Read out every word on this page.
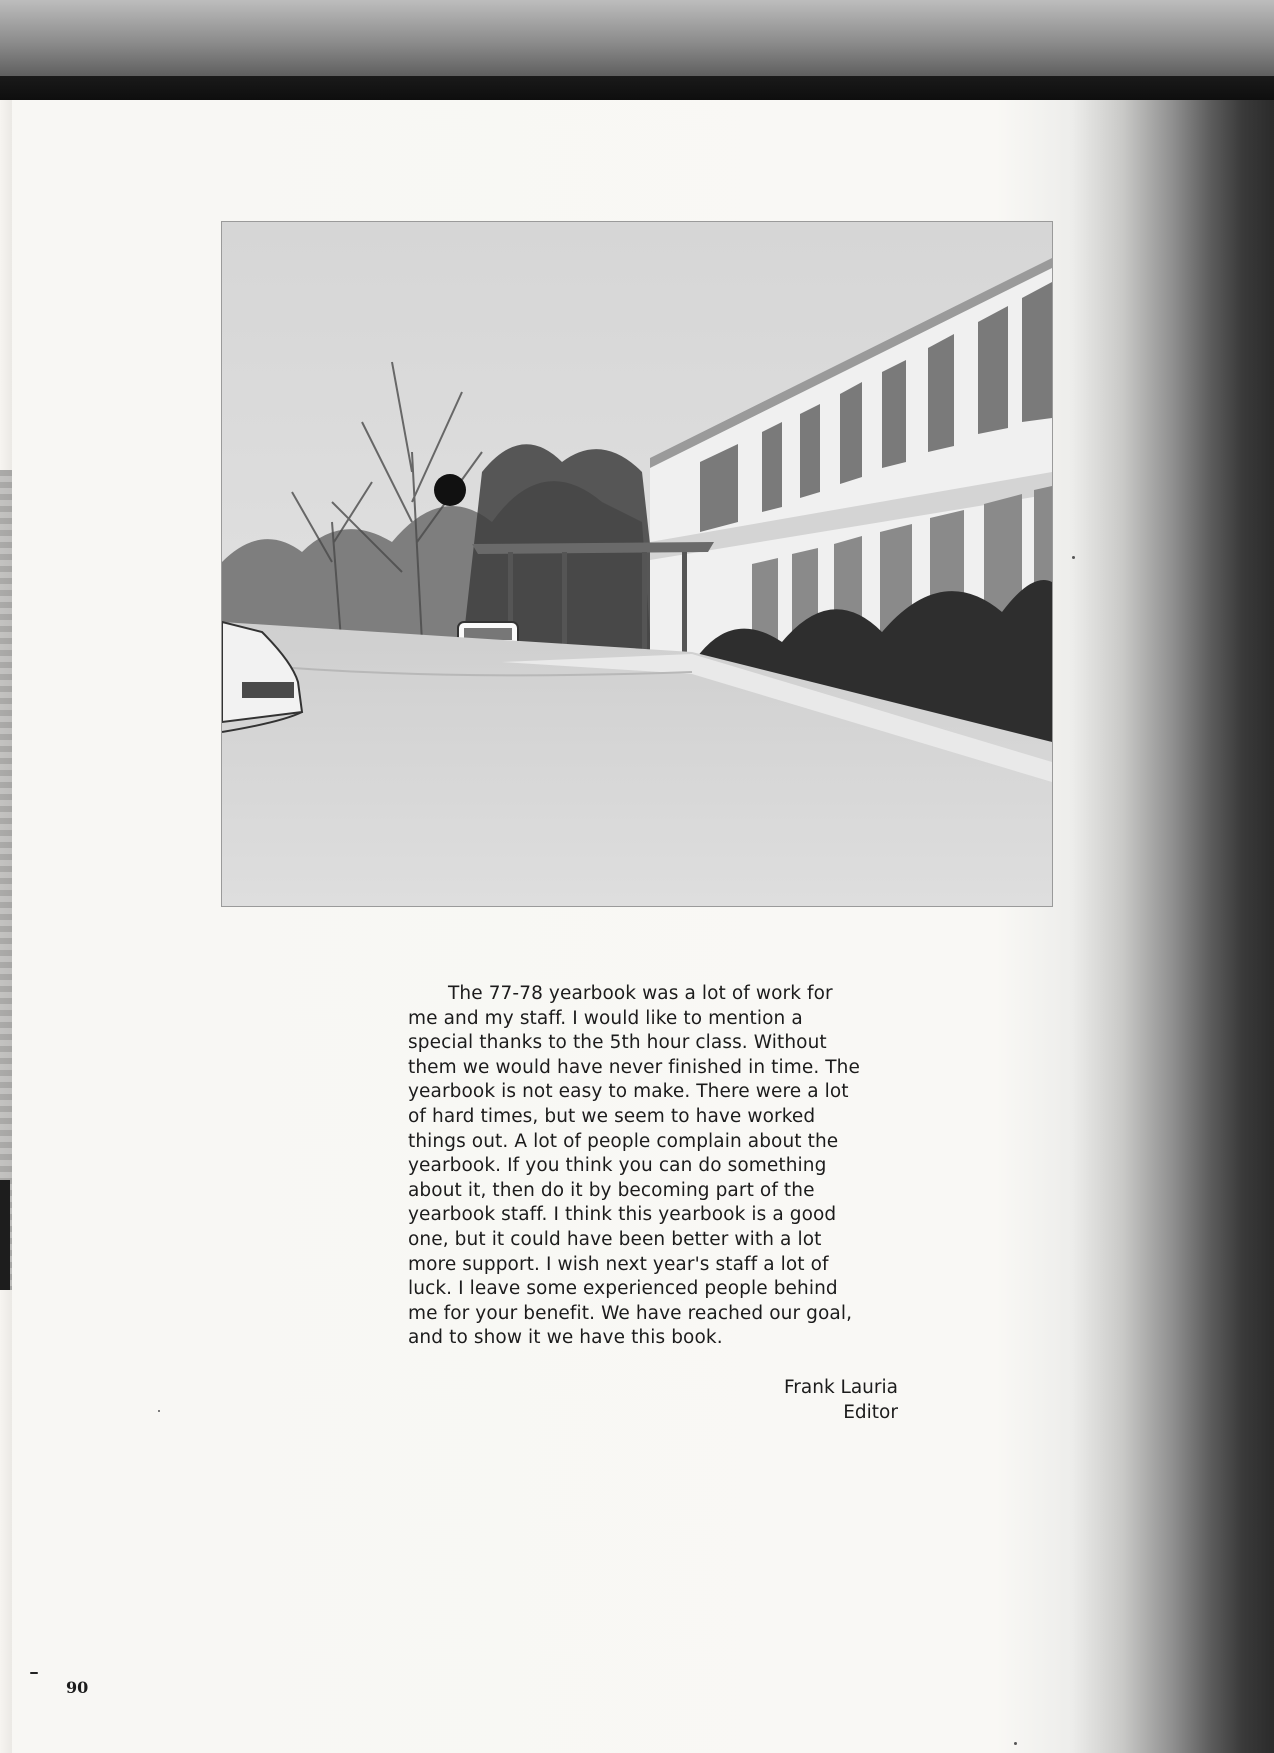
The 77-78 yearbook was a lot of work for
me and my staff. I would like to mention a
special thanks to the 5th hour class. Without
them we would have never finished in time. The
yearbook is not easy to make. There were a lot
of hard times, but we seem to have worked
things out. A lot of people complain about the
yearbook. If you think you can do something
about it, then do it by becoming part of the
yearbook staff. I think this yearbook is a good
one, but it could have been better with a lot
more support. I wish next year's staff a lot of
luck. I leave some experienced people behind
me for your benefit. We have reached our goal,
and to show it we have this book.
Frank Lauria
Editor
90
